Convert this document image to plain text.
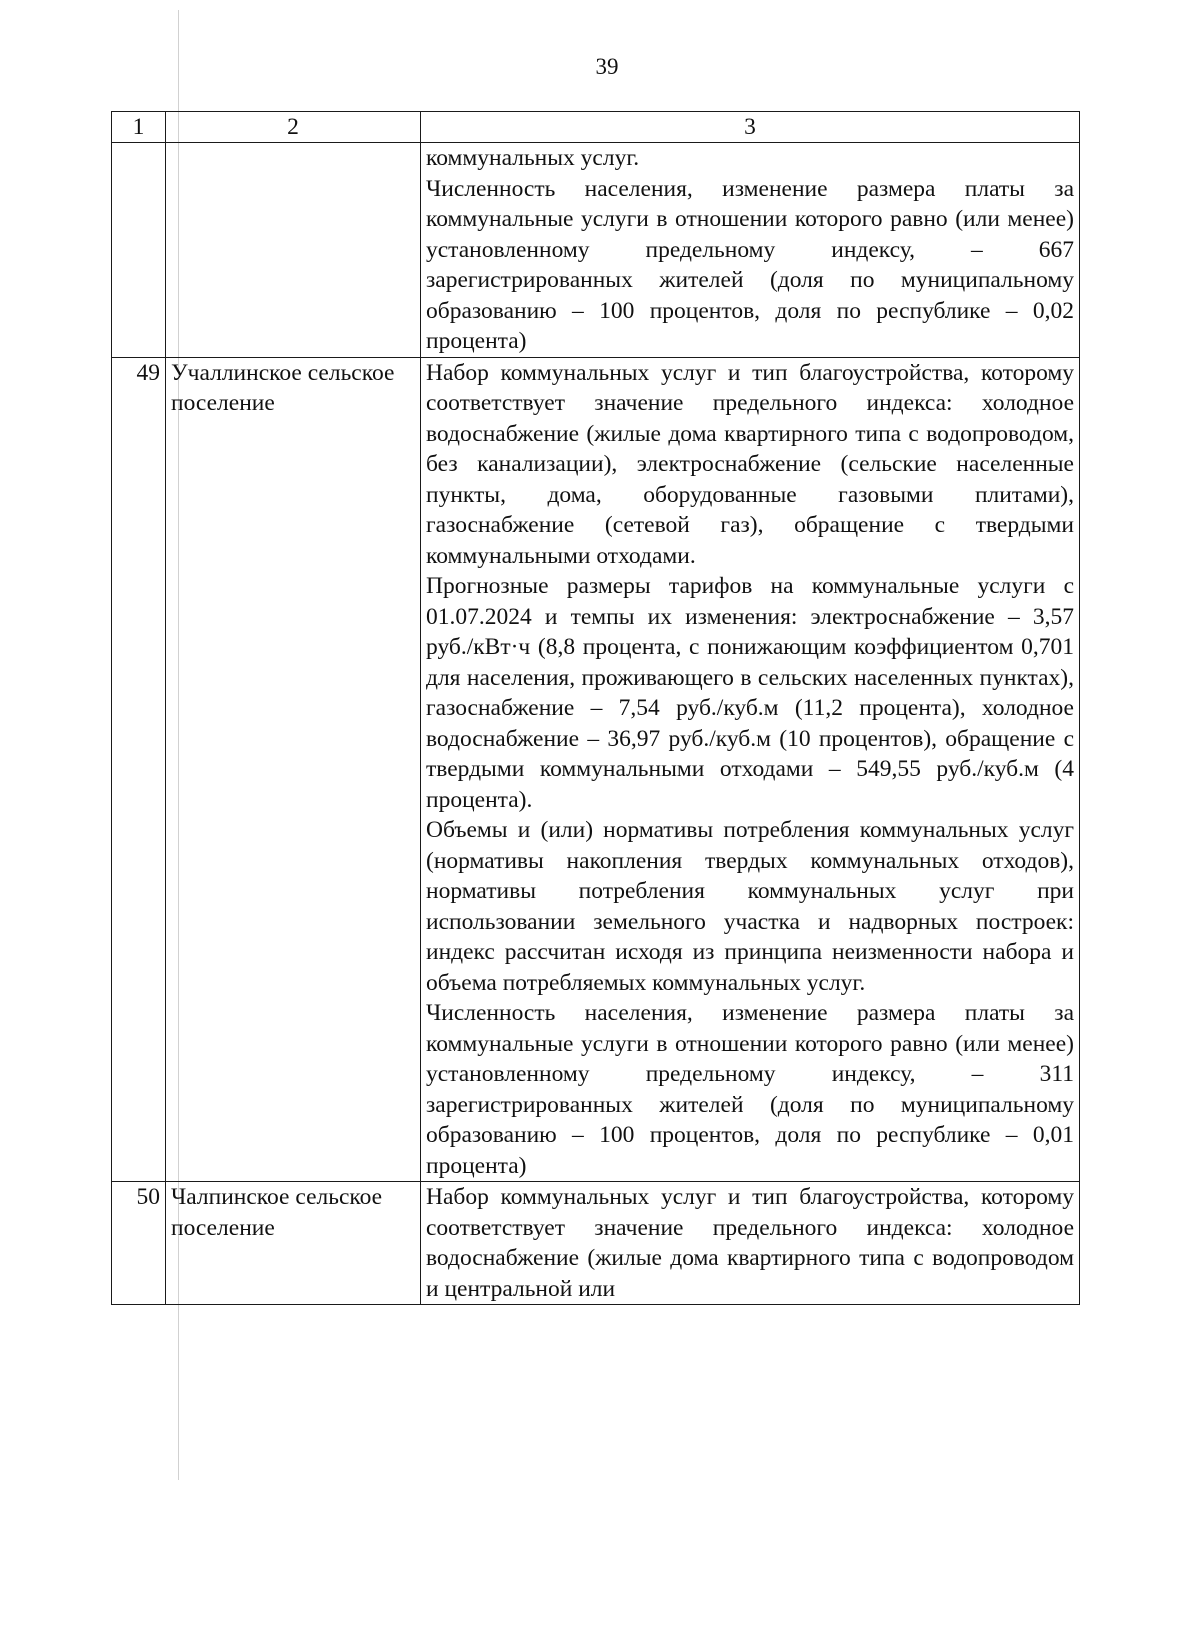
39
1	2	3

		коммунальных услуг.

Численность населения, изменение размера платы за коммунальные услуги в отношении которого равно (или менее) установленному предельному индексу, – 667 зарегистрированных жителей (доля по муниципальному образованию – 100 процентов, доля по республике – 0,02 процента)

49	Учаллинское сельское поселение	Набор коммунальных услуг и тип благоустройства, которому соответствует значение предельного индекса: холодное водоснабжение (жилые дома квартирного типа с водопроводом, без канализации), электроснабжение (сельские населенные пункты, дома, оборудованные газовыми плитами), газоснабжение (сетевой газ), обращение с твердыми коммунальными отходами.

Прогнозные размеры тарифов на коммунальные услуги с 01.07.2024 и темпы их изменения: электроснабжение – 3,57 руб./кВт·ч (8,8 процента, с понижающим коэффициентом 0,701 для населения, проживающего в сельских населенных пунктах), газоснабжение – 7,54 руб./куб.м (11,2 процента), холодное водоснабжение – 36,97 руб./куб.м (10 процентов), обращение с твердыми коммунальными отходами – 549,55 руб./куб.м (4 процента).

Объемы и (или) нормативы потребления коммунальных услуг (нормативы накопления твердых коммунальных отходов), нормативы потребления коммунальных услуг при использовании земельного участка и надворных построек: индекс рассчитан исходя из принципа неизменности набора и объема потребляемых коммунальных услуг.

Численность населения, изменение размера платы за коммунальные услуги в отношении которого равно (или менее) установленному предельному индексу, – 311 зарегистрированных жителей (доля по муниципальному образованию – 100 процентов, доля по республике – 0,01 процента)

50	Чалпинское сельское поселение	Набор коммунальных услуг и тип благоустройства, которому соответствует значение предельного индекса: холодное водоснабжение (жилые дома квартирного типа с водопроводом и центральной или
